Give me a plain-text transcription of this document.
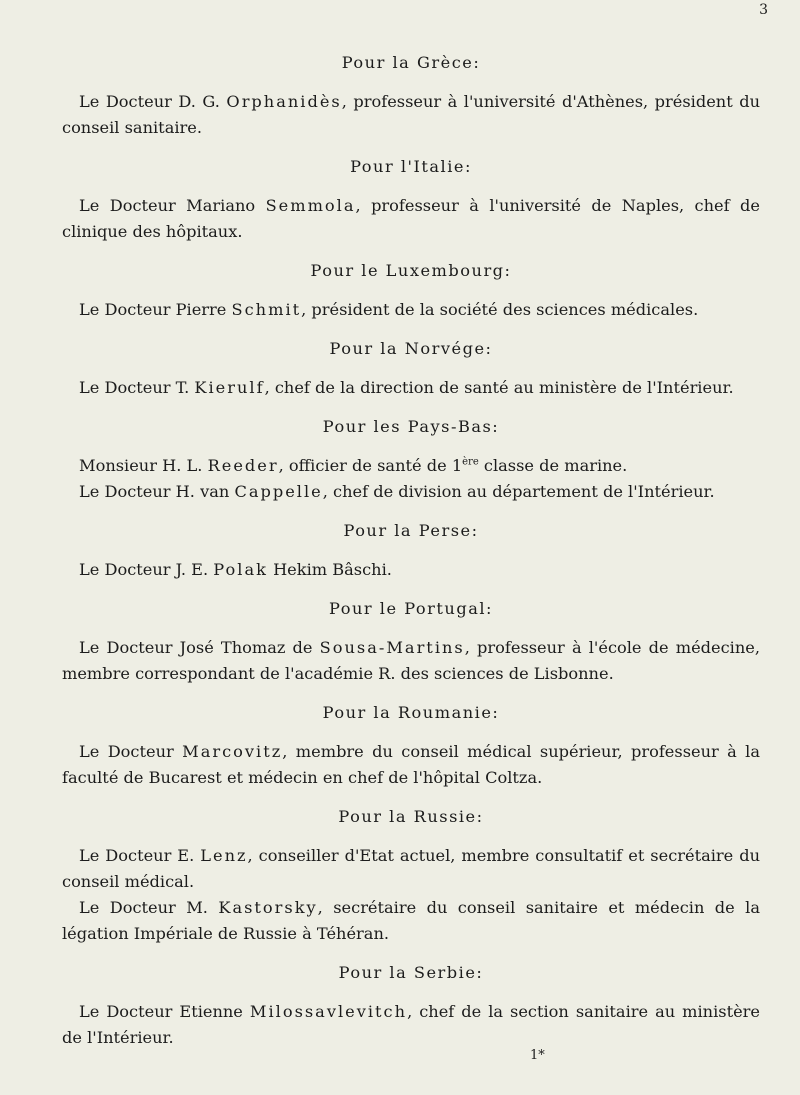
3
Pour la Grèce:

Le Docteur D. G. Orphanidès, professeur à l'université d'Athènes, président du conseil sanitaire.

Pour l'Italie:

Le Docteur Mariano Semmola, professeur à l'université de Naples, chef de clinique des hôpitaux.

Pour le Luxembourg:

Le Docteur Pierre Schmit, président de la société des sciences médicales.

Pour la Norvége:

Le Docteur T. Kierulf, chef de la direction de santé au ministère de l'Intérieur.

Pour les Pays-Bas:

Monsieur H. L. Reeder, officier de santé de 1ère classe de marine.

Le Docteur H. van Cappelle, chef de division au département de l'Intérieur.

Pour la Perse:

Le Docteur J. E. Polak Hekim Bâschi.

Pour le Portugal:

Le Docteur José Thomaz de Sousa-Martins, professeur à l'école de médecine, membre correspondant de l'académie R. des sciences de Lisbonne.

Pour la Roumanie:

Le Docteur Marcovitz, membre du conseil médical supérieur, professeur à la faculté de Bucarest et médecin en chef de l'hôpital Coltza.

Pour la Russie:

Le Docteur E. Lenz, conseiller d'Etat actuel, membre consultatif et secrétaire du conseil médical.

Le Docteur M. Kastorsky, secrétaire du conseil sanitaire et médecin de la légation Impériale de Russie à Téhéran.

Pour la Serbie:

Le Docteur Etienne Milossavlevitch, chef de la section sanitaire au ministère de l'Intérieur.

1*
